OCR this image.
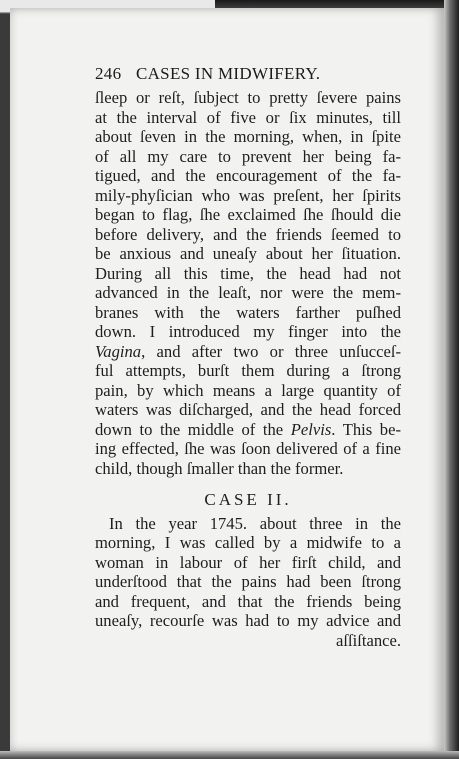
246 CASES IN MIDWIFERY.
ſleep or reſt, ſubject to pretty ſevere pains
at the interval of five or ſix minutes, till
about ſeven in the morning, when, in ſpite
of all my care to prevent her being fa-
tigued, and the encouragement of the fa-
mily-phyſician who was preſent, her ſpirits
began to flag, ſhe exclaimed ſhe ſhould die
before delivery, and the friends ſeemed to
be anxious and uneaſy about her ſituation.
During all this time, the head had not
advanced in the leaſt, nor were the mem-
branes with the waters farther puſhed
down. I introduced my finger into the
Vagina, and after two or three unſucceſ-
ful attempts, burſt them during a ſtrong
pain, by which means a large quantity of
waters was diſcharged, and the head forced
down to the middle of the Pelvis. This be-
ing effected, ſhe was ſoon delivered of a fine
child, though ſmaller than the former.
CASE II.
In the year 1745. about three in the
morning, I was called by a midwife to a
woman in labour of her firſt child, and
underſtood that the pains had been ſtrong
and frequent, and that the friends being
uneaſy, recourſe was had to my advice and
aſſiſtance.
